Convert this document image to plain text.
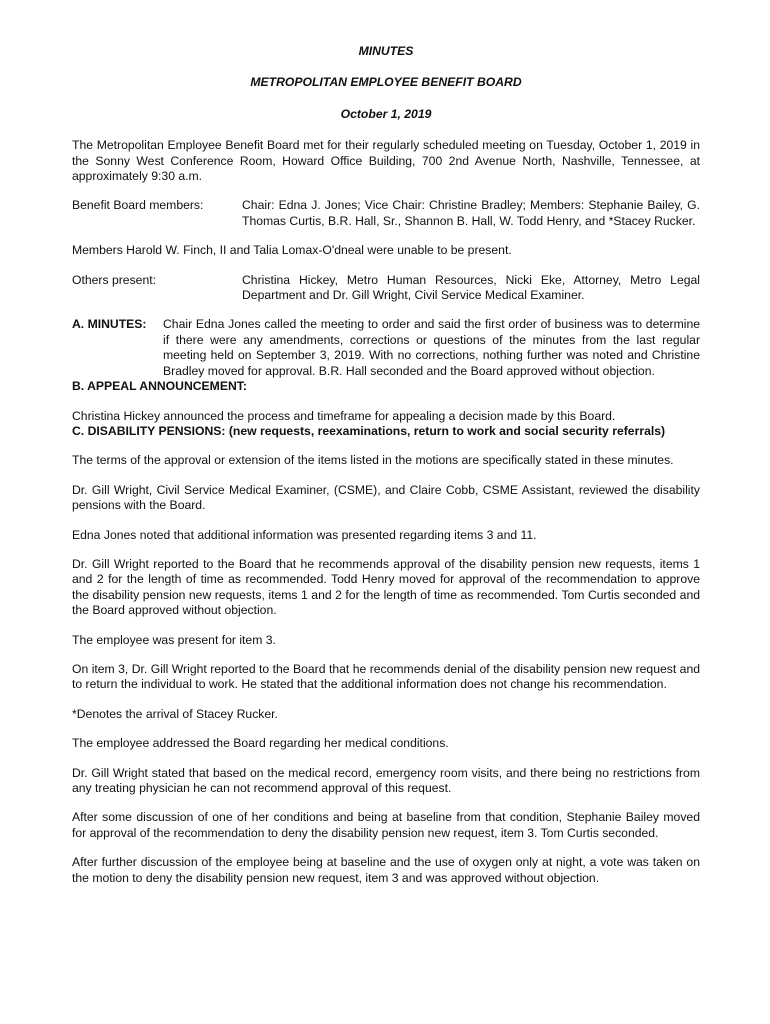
MINUTES

METROPOLITAN EMPLOYEE BENEFIT BOARD

October 1, 2019

The Metropolitan Employee Benefit Board met for their regularly scheduled meeting on Tuesday, October 1, 2019 in the Sonny West Conference Room, Howard Office Building, 700 2nd Avenue North, Nashville, Tennessee, at approximately 9:30 a.m.

Benefit Board members:	Chair: Edna J. Jones; Vice Chair: Christine Bradley; Members: Stephanie Bailey, G. Thomas Curtis, B.R. Hall, Sr., Shannon B. Hall, W. Todd Henry, and *Stacey Rucker.

Members Harold W. Finch, II and Talia Lomax-O'dneal were unable to be present.

Others present:	Christina Hickey, Metro Human Resources, Nicki Eke, Attorney, Metro Legal Department and Dr. Gill Wright, Civil Service Medical Examiner.
A. MINUTES:	Chair Edna Jones called the meeting to order and said the first order of business was to determine if there were any amendments, corrections or questions of the minutes from the last regular meeting held on September 3, 2019. With no corrections, nothing further was noted and Christine Bradley moved for approval. B.R. Hall seconded and the Board approved without objection.

B. APPEAL ANNOUNCEMENT:

Christina Hickey announced the process and timeframe for appealing a decision made by this Board.

C. DISABILITY PENSIONS: (new requests, reexaminations, return to work and social security referrals)

The terms of the approval or extension of the items listed in the motions are specifically stated in these minutes.

Dr. Gill Wright, Civil Service Medical Examiner, (CSME), and Claire Cobb, CSME Assistant, reviewed the disability pensions with the Board.

Edna Jones noted that additional information was presented regarding items 3 and 11.

Dr. Gill Wright reported to the Board that he recommends approval of the disability pension new requests, items 1 and 2 for the length of time as recommended. Todd Henry moved for approval of the recommendation to approve the disability pension new requests, items 1 and 2 for the length of time as recommended. Tom Curtis seconded and the Board approved without objection.

The employee was present for item 3.

On item 3, Dr. Gill Wright reported to the Board that he recommends denial of the disability pension new request and to return the individual to work. He stated that the additional information does not change his recommendation.

*Denotes the arrival of Stacey Rucker.

The employee addressed the Board regarding her medical conditions.

Dr. Gill Wright stated that based on the medical record, emergency room visits, and there being no restrictions from any treating physician he can not recommend approval of this request.

After some discussion of one of her conditions and being at baseline from that condition, Stephanie Bailey moved for approval of the recommendation to deny the disability pension new request, item 3. Tom Curtis seconded.

After further discussion of the employee being at baseline and the use of oxygen only at night, a vote was taken on the motion to deny the disability pension new request, item 3 and was approved without objection.
